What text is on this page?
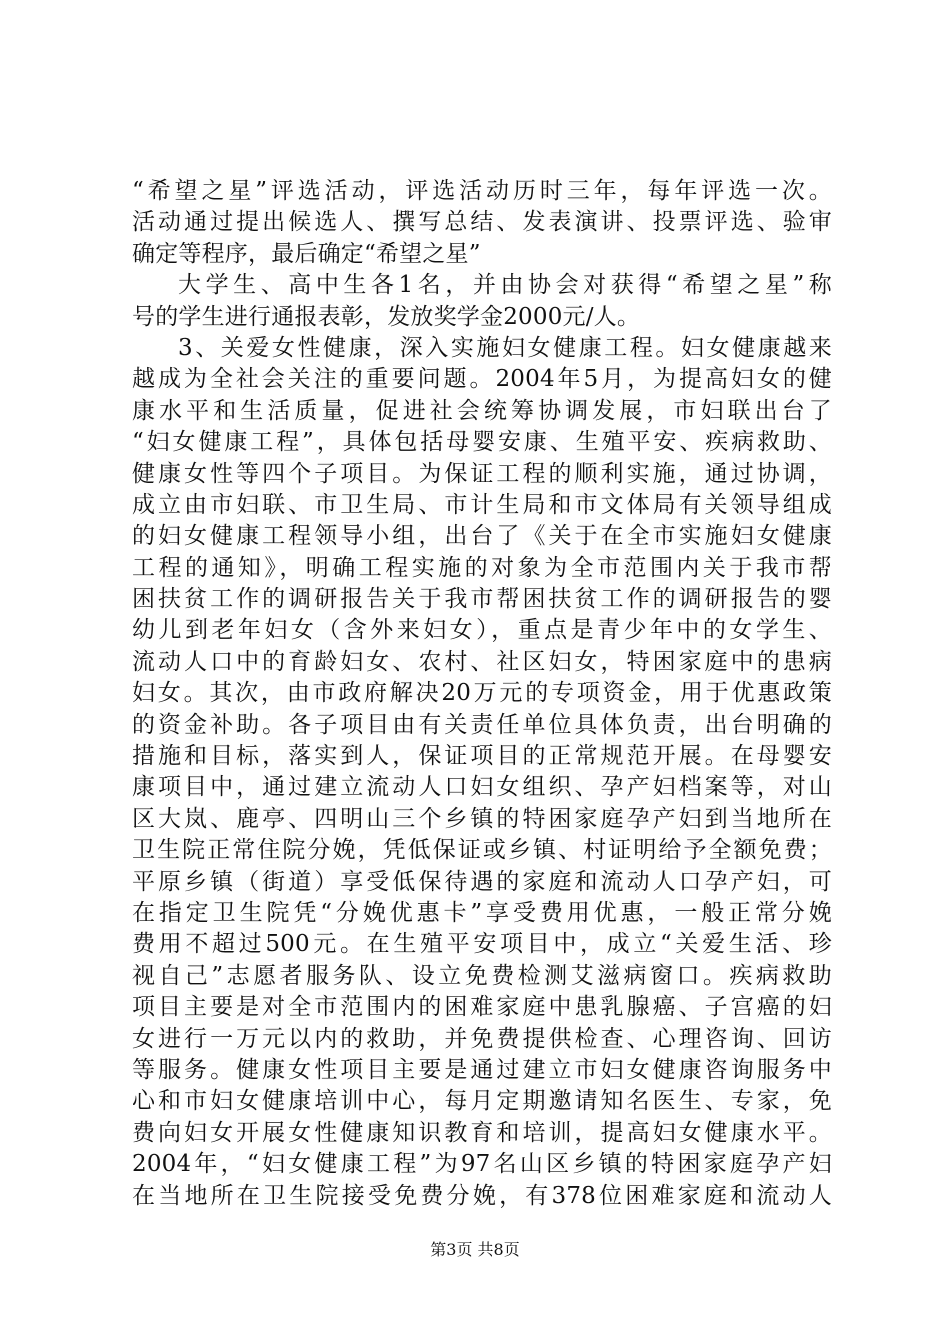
“希望之星”评选活动，评选活动历时三年，每年评选一次。
活动通过提出候选人、撰写总结、发表演讲、投票评选、验审
确定等程序，最后确定“希望之星”
大学生、高中生各1名，并由协会对获得“希望之星”称
号的学生进行通报表彰，发放奖学金2000元/人。
3、关爱女性健康，深入实施妇女健康工程。妇女健康越来
越成为全社会关注的重要问题。2004年5月，为提高妇女的健
康水平和生活质量，促进社会统筹协调发展，市妇联出台了
“妇女健康工程”，具体包括母婴安康、生殖平安、疾病救助、
健康女性等四个子项目。为保证工程的顺利实施，通过协调，
成立由市妇联、市卫生局、市计生局和市文体局有关领导组成
的妇女健康工程领导小组，出台了《关于在全市实施妇女健康
工程的通知》，明确工程实施的对象为全市范围内关于我市帮
困扶贫工作的调研报告关于我市帮困扶贫工作的调研报告的婴
幼儿到老年妇女（含外来妇女），重点是青少年中的女学生、
流动人口中的育龄妇女、农村、社区妇女，特困家庭中的患病
妇女。其次，由市政府解决20万元的专项资金，用于优惠政策
的资金补助。各子项目由有关责任单位具体负责，出台明确的
措施和目标，落实到人，保证项目的正常规范开展。在母婴安
康项目中，通过建立流动人口妇女组织、孕产妇档案等，对山
区大岚、鹿亭、四明山三个乡镇的特困家庭孕产妇到当地所在
卫生院正常住院分娩，凭低保证或乡镇、村证明给予全额免费；
平原乡镇（街道）享受低保待遇的家庭和流动人口孕产妇，可
在指定卫生院凭“分娩优惠卡”享受费用优惠，一般正常分娩
费用不超过500元。在生殖平安项目中，成立“关爱生活、珍
视自己”志愿者服务队、设立免费检测艾滋病窗口。疾病救助
项目主要是对全市范围内的困难家庭中患乳腺癌、子宫癌的妇
女进行一万元以内的救助，并免费提供检查、心理咨询、回访
等服务。健康女性项目主要是通过建立市妇女健康咨询服务中
心和市妇女健康培训中心，每月定期邀请知名医生、专家，免
费向妇女开展女性健康知识教育和培训，提高妇女健康水平。
2004年，“妇女健康工程”为97名山区乡镇的特困家庭孕产妇
在当地所在卫生院接受免费分娩，有378位困难家庭和流动人
第3页 共8页
